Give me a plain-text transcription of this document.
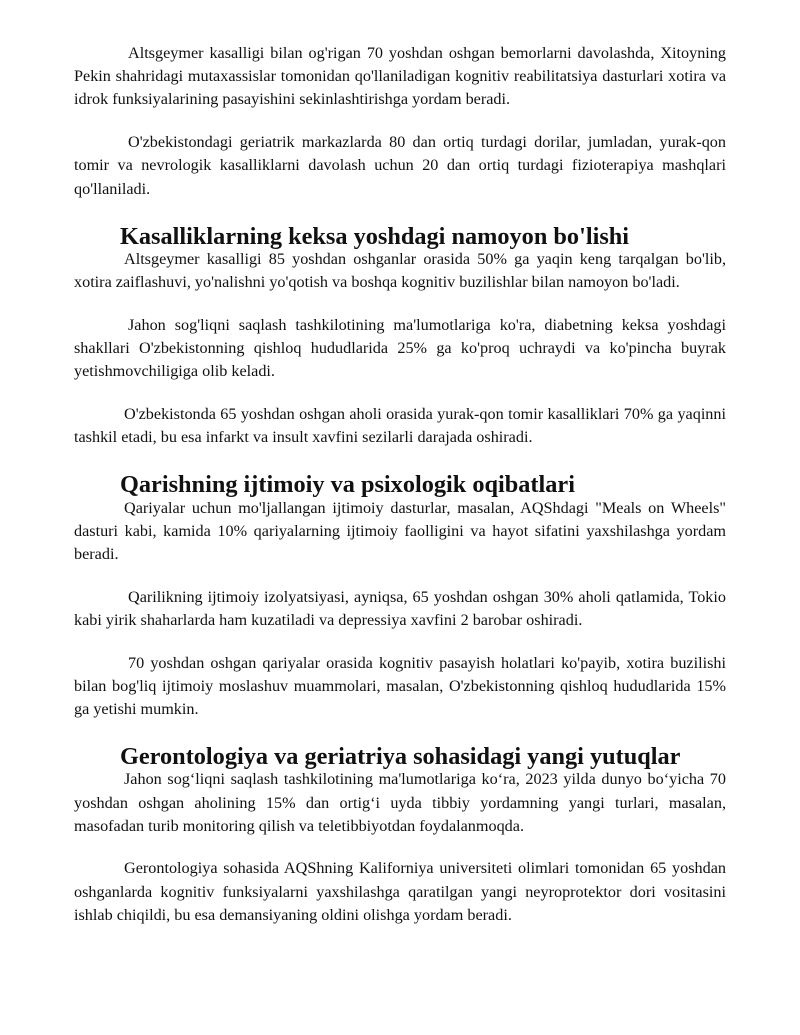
Altsgeymer kasalligi bilan og'rigan 70 yoshdan oshgan bemorlarni davolashda, Xitoyning Pekin shahridagi mutaxassislar tomonidan qo'llaniladigan kognitiv reabilitatsiya dasturlari xotira va idrok funksiyalarining pasayishini sekinlashtirishga yordam beradi.

O'zbekistondagi geriatrik markazlarda 80 dan ortiq turdagi dorilar, jumladan, yurak-qon tomir va nevrologik kasalliklarni davolash uchun 20 dan ortiq turdagi fizioterapiya mashqlari qo'llaniladi.

Kasalliklarning keksa yoshdagi namoyon bo'lishi

Altsgeymer kasalligi 85 yoshdan oshganlar orasida 50% ga yaqin keng tarqalgan bo'lib, xotira zaiflashuvi, yo'nalishni yo'qotish va boshqa kognitiv buzilishlar bilan namoyon bo'ladi.

Jahon sog'liqni saqlash tashkilotining ma'lumotlariga ko'ra, diabetning keksa yoshdagi shakllari O'zbekistonning qishloq hududlarida 25% ga ko'proq uchraydi va ko'pincha buyrak yetishmovchiligiga olib keladi.

O'zbekistonda 65 yoshdan oshgan aholi orasida yurak-qon tomir kasalliklari 70% ga yaqinni tashkil etadi, bu esa infarkt va insult xavfini sezilarli darajada oshiradi.

Qarishning ijtimoiy va psixologik oqibatlari

Qariyalar uchun mo'ljallangan ijtimoiy dasturlar, masalan, AQShdagi "Meals on Wheels" dasturi kabi, kamida 10% qariyalarning ijtimoiy faolligini va hayot sifatini yaxshilashga yordam beradi.

Qarilikning ijtimoiy izolyatsiyasi, ayniqsa, 65 yoshdan oshgan 30% aholi qatlamida, Tokio kabi yirik shaharlarda ham kuzatiladi va depressiya xavfini 2 barobar oshiradi.

70 yoshdan oshgan qariyalar orasida kognitiv pasayish holatlari ko'payib, xotira buzilishi bilan bog'liq ijtimoiy moslashuv muammolari, masalan, O'zbekistonning qishloq hududlarida 15% ga yetishi mumkin.

Gerontologiya va geriatriya sohasidagi yangi yutuqlar

Jahon sog‘liqni saqlash tashkilotining ma'lumotlariga ko‘ra, 2023 yilda dunyo bo‘yicha 70 yoshdan oshgan aholining 15% dan ortig‘i uyda tibbiy yordamning yangi turlari, masalan, masofadan turib monitoring qilish va teletibbiyotdan foydalanmoqda.

Gerontologiya sohasida AQShning Kaliforniya universiteti olimlari tomonidan 65 yoshdan oshganlarda kognitiv funksiyalarni yaxshilashga qaratilgan yangi neyroprotektor dori vositasini ishlab chiqildi, bu esa demansiyaning oldini olishga yordam beradi.
